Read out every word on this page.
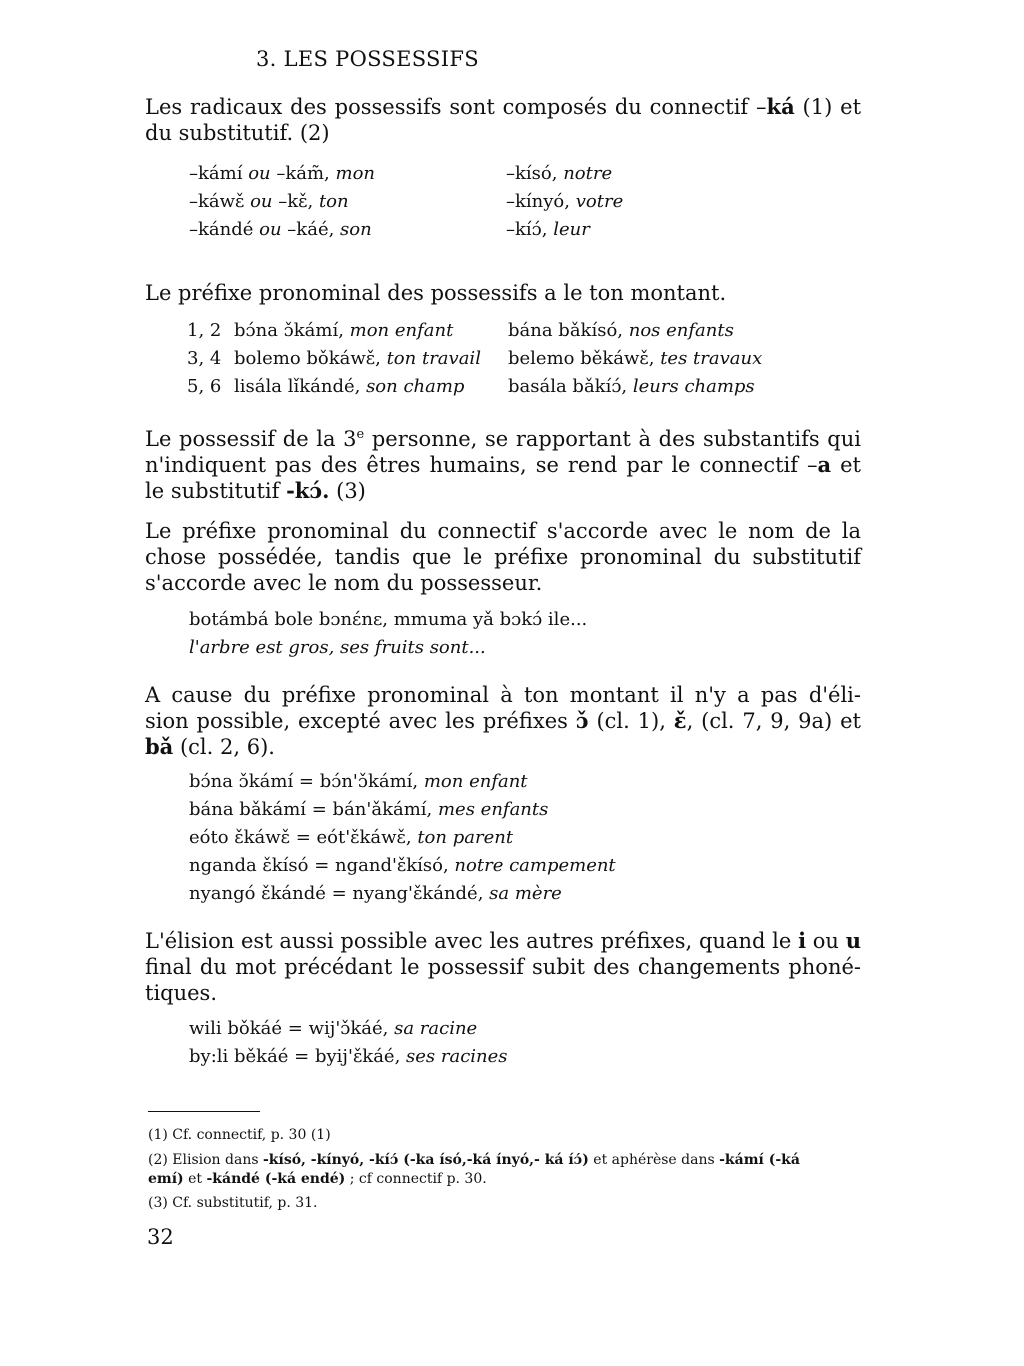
3. LES POSSESSIFS
Les radicaux des possessifs sont composés du connectif –ká (1) et
du substitutif. (2)
–kámí ou –kám̃, mon
–káwɛ̌ ou –kɛ̌, ton
–kándé ou –káé, son
–kísó, notre
–kínyó, votre
–kíɔ́, leur
Le préfixe pronominal des possessifs a le ton montant.
1, 2
3, 4
5, 6
bɔ́na ɔ̌kámí, mon enfant
bolemo bǒkáwɛ̌, ton travail
lisála lǐkándé, son champ
bána bǎkísó, nos enfants
belemo běkáwɛ̌, tes travaux
basála bǎkíɔ́, leurs champs
Le possessif de la 3e personne, se rapportant à des substantifs qui
n'indiquent pas des êtres humains, se rend par le connectif –a et
le substitutif -kɔ́. (3)
Le préfixe pronominal du connectif s'accorde avec le nom de la
chose possédée, tandis que le préfixe pronominal du substitutif
s'accorde avec le nom du possesseur.
botámbá bole bɔnɛ́nɛ, mmuma yǎ bɔkɔ́ ile...
l'arbre est gros, ses fruits sont...
A cause du préfixe pronominal à ton montant il n'y a pas d'éli-
sion possible, excepté avec les préfixes ɔ̌ (cl. 1), ɛ̌, (cl. 7, 9, 9a) et
bǎ (cl. 2, 6).
bɔ́na ɔ̌kámí = bɔ́n'ɔ̌kámí, mon enfant
bána bǎkámí = bán'ǎkámí, mes enfants
eóto ɛ̌káwɛ̌ = eót'ɛ̌káwɛ̌, ton parent
nganda ɛ̌kísó = ngand'ɛ̌kísó, notre campement
nyangó ɛ̌kándé = nyang'ɛ̌kándé, sa mère
L'élision est aussi possible avec les autres préfixes, quand le i ou u
final du mot précédant le possessif subit des changements phoné-
tiques.
wili bǒkáé = wij'ɔ̌káé, sa racine
by:li běkáé = byij'ɛ̌káé, ses racines
(1) Cf. connectif, p. 30 (1)
(2) Elision dans -kísó, -kínyó, -kíɔ́ (-ka ísó,-ká ínyó,- ká íɔ́) et aphérèse dans -kámí (-ká
emí) et -kándé (-ká endé) ; cf connectif p. 30.
(3) Cf. substitutif, p. 31.
32
